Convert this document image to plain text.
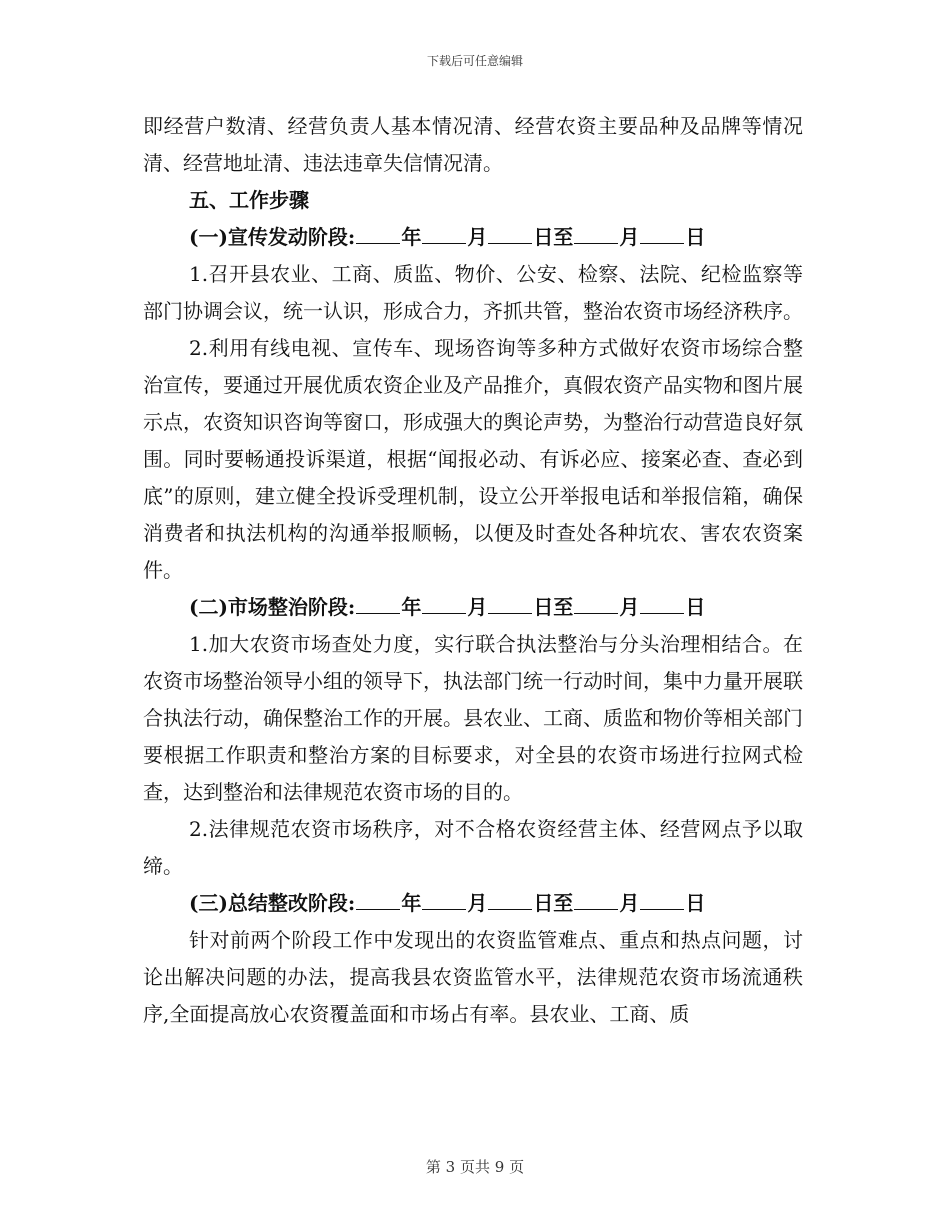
下载后可任意编辑

即经营户数清、经营负责人基本情况清、经营农资主要品种及品牌等情况清、经营地址清、违法违章失信情况清。

五、工作步骤

(一)宣传发动阶段: 年 月 日至 月 日

1.召开县农业、工商、质监、物价、公安、检察、法院、纪检监察等部门协调会议，统一认识，形成合力，齐抓共管，整治农资市场经济秩序。

2.利用有线电视、宣传车、现场咨询等多种方式做好农资市场综合整治宣传，要通过开展优质农资企业及产品推介，真假农资产品实物和图片展示点，农资知识咨询等窗口，形成强大的舆论声势，为整治行动营造良好氛围。同时要畅通投诉渠道，根据“闻报必动、有诉必应、接案必查、查必到底”的原则，建立健全投诉受理机制，设立公开举报电话和举报信箱，确保消费者和执法机构的沟通举报顺畅，以便及时查处各种坑农、害农农资案件。

(二)市场整治阶段: 年 月 日至 月 日

1.加大农资市场查处力度，实行联合执法整治与分头治理相结合。在农资市场整治领导小组的领导下，执法部门统一行动时间，集中力量开展联合执法行动，确保整治工作的开展。县农业、工商、质监和物价等相关部门要根据工作职责和整治方案的目标要求，对全县的农资市场进行拉网式检查，达到整治和法律规范农资市场的目的。

2.法律规范农资市场秩序，对不合格农资经营主体、经营网点予以取缔。

(三)总结整改阶段: 年 月 日至 月 日

针对前两个阶段工作中发现出的农资监管难点、重点和热点问题，讨论出解决问题的办法，提高我县农资监管水平，法律规范农资市场流通秩序,全面提高放心农资覆盖面和市场占有率。县农业、工商、质

第 3 页共 9 页
